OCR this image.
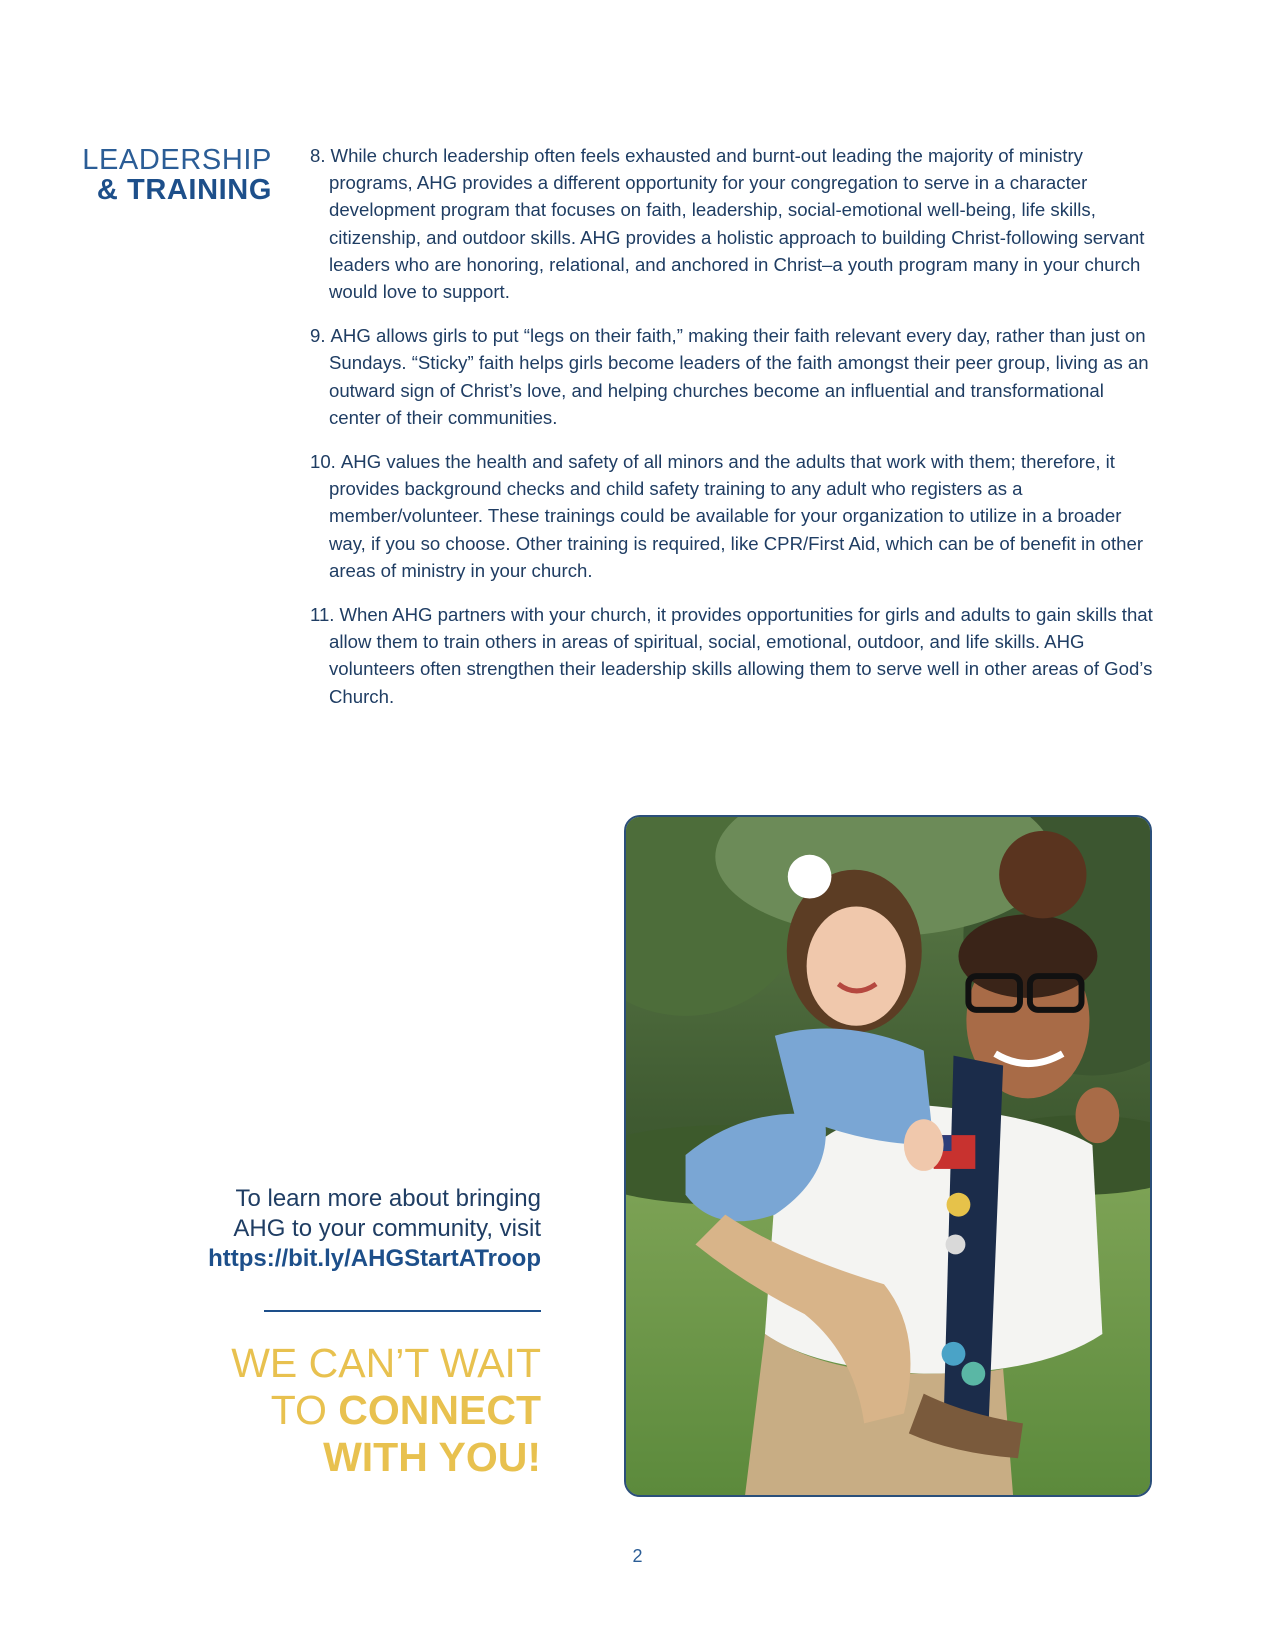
LEADERSHIP
& TRAINING
8. While church leadership often feels exhausted and burnt-out leading the majority of ministry programs, AHG provides a different opportunity for your congregation to serve in a character development program that focuses on faith, leadership, social-emotional well-being, life skills, citizenship, and outdoor skills. AHG provides a holistic approach to building Christ-following servant leaders who are honoring, relational, and anchored in Christ–a youth program many in your church would love to support.
9. AHG allows girls to put “legs on their faith,” making their faith relevant every day, rather than just on Sundays. “Sticky” faith helps girls become leaders of the faith amongst their peer group, living as an outward sign of Christ’s love, and helping churches become an influential and transformational center of their communities.
10. AHG values the health and safety of all minors and the adults that work with them; therefore, it provides background checks and child safety training to any adult who registers as a member/volunteer. These trainings could be available for your organization to utilize in a broader way, if you so choose. Other training is required, like CPR/First Aid, which can be of benefit in other areas of ministry in your church.
11. When AHG partners with your church, it provides opportunities for girls and adults to gain skills that allow them to train others in areas of spiritual, social, emotional, outdoor, and life skills. AHG volunteers often strengthen their leadership skills allowing them to serve well in other areas of God’s Church.
To learn more about bringing
AHG to your community, visit
https://bit.ly/AHGStartATroop
WE CAN’T WAIT
TO CONNECT
WITH YOU!
2
